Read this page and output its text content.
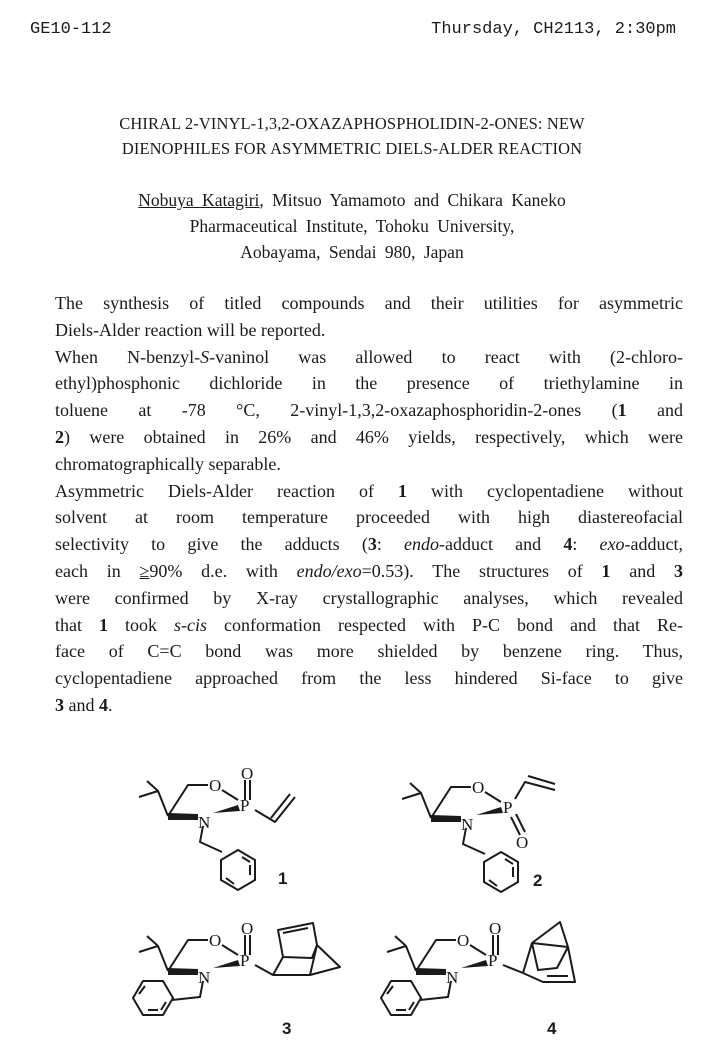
GE10-112	Thursday, CH2113, 2:30pm
CHIRAL 2-VINYL-1,3,2-OXAZAPHOSPHOLIDIN-2-ONES: NEW
DIENOPHILES FOR ASYMMETRIC DIELS-ALDER REACTION
Nobuya Katagiri, Mitsuo Yamamoto and Chikara Kaneko
Pharmaceutical Institute, Tohoku University,
Aobayama, Sendai 980, Japan
The synthesis of titled compounds and their utilities for asymmetric
Diels-Alder reaction will be reported.
When N-benzyl-S-vaninol was allowed to react with (2-chloro-
ethyl)phosphonic dichloride in the presence of triethylamine in
toluene at -78 °C, 2-vinyl-1,3,2-oxazaphosphoridin-2-ones (1 and
2) were obtained in 26% and 46% yields, respectively, which were
chromatographically separable.
Asymmetric Diels-Alder reaction of 1 with cyclopentadiene without
solvent at room temperature proceeded with high diastereofacial
selectivity to give the adducts (3: endo-adduct and 4: exo-adduct,
each in ≥90% d.e. with endo/exo=0.53). The structures of 1 and 3
were confirmed by X-ray crystallographic analyses, which revealed
that 1 took s-cis conformation respected with P-C bond and that Re-
face of C=C bond was more shielded by benzene ring. Thus,
cyclopentadiene approached from the less hindered Si-face to give
3 and 4.
O
P
N
O
O
P
N
O
O
P
N
O
O
P
N
O
1	2
3	4
